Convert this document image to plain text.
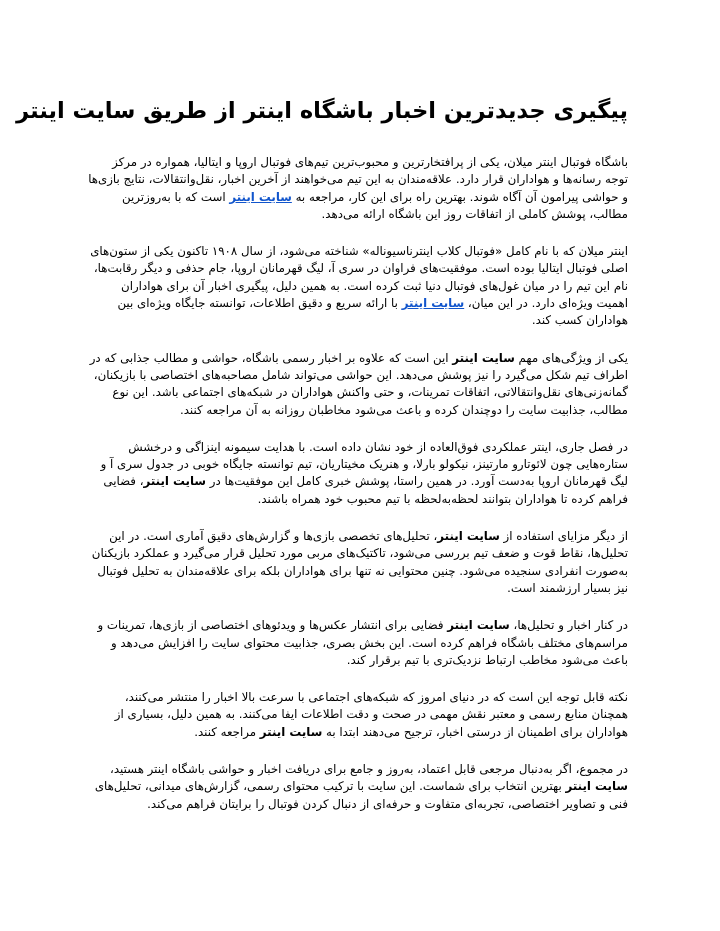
پیگیری جدیدترین اخبار باشگاه اینتر از طریق سایت اینتر

باشگاه فوتبال اینتر میلان، یکی از پرافتخارترین و محبوب‌ترین تیم‌های فوتبال اروپا و ایتالیا، همواره در مرکز توجه رسانه‌ها و هواداران قرار دارد. علاقه‌مندان به این تیم می‌خواهند از آخرین اخبار، نقل‌وانتقالات، نتایج بازی‌ها و حواشی پیرامون آن آگاه شوند. بهترین راه برای این کار، مراجعه به سایت اینتر است که با به‌روزترین مطالب، پوشش کاملی از اتفاقات روز این باشگاه ارائه می‌دهد.

اینتر میلان که با نام کامل «فوتبال کلاب اینترناسیوناله» شناخته می‌شود، از سال ۱۹۰۸ تاکنون یکی از ستون‌های اصلی فوتبال ایتالیا بوده است. موفقیت‌های فراوان در سری آ، لیگ قهرمانان اروپا، جام حذفی و دیگر رقابت‌ها، نام این تیم را در میان غول‌های فوتبال دنیا ثبت کرده است. به همین دلیل، پیگیری اخبار آن برای هواداران اهمیت ویژه‌ای دارد. در این میان، سایت اینتر با ارائه سریع و دقیق اطلاعات، توانسته جایگاه ویژه‌ای بین هواداران کسب کند.

یکی از ویژگی‌های مهم سایت اینتر این است که علاوه بر اخبار رسمی باشگاه، حواشی و مطالب جذابی که در اطراف تیم شکل می‌گیرد را نیز پوشش می‌دهد. این حواشی می‌تواند شامل مصاحبه‌های اختصاصی با بازیکنان، گمانه‌زنی‌های نقل‌وانتقالاتی، اتفاقات تمرینات، و حتی واکنش هواداران در شبکه‌های اجتماعی باشد. این نوع مطالب، جذابیت سایت را دوچندان کرده و باعث می‌شود مخاطبان روزانه به آن مراجعه کنند.

در فصل جاری، اینتر عملکردی فوق‌العاده از خود نشان داده است. با هدایت سیمونه اینزاگی و درخشش ستاره‌هایی چون لائوتارو مارتینز، نیکولو بارلا، و هنریک مخیتاریان، تیم توانسته جایگاه خوبی در جدول سری آ و لیگ قهرمانان اروپا به‌دست آورد. در همین راستا، پوشش خبری کامل این موفقیت‌ها در سایت اینتر، فضایی فراهم کرده تا هواداران بتوانند لحظه‌به‌لحظه با تیم محبوب خود همراه باشند.

از دیگر مزایای استفاده از سایت اینتر، تحلیل‌های تخصصی بازی‌ها و گزارش‌های دقیق آماری است. در این تحلیل‌ها، نقاط قوت و ضعف تیم بررسی می‌شود، تاکتیک‌های مربی مورد تحلیل قرار می‌گیرد و عملکرد بازیکنان به‌صورت انفرادی سنجیده می‌شود. چنین محتوایی نه تنها برای هواداران بلکه برای علاقه‌مندان به تحلیل فوتبال نیز بسیار ارزشمند است.

در کنار اخبار و تحلیل‌ها، سایت اینتر فضایی برای انتشار عکس‌ها و ویدئوهای اختصاصی از بازی‌ها، تمرینات و مراسم‌های مختلف باشگاه فراهم کرده است. این بخش بصری، جذابیت محتوای سایت را افزایش می‌دهد و باعث می‌شود مخاطب ارتباط نزدیک‌تری با تیم برقرار کند.

نکته قابل توجه این است که در دنیای امروز که شبکه‌های اجتماعی با سرعت بالا اخبار را منتشر می‌کنند، همچنان منابع رسمی و معتبر نقش مهمی در صحت و دقت اطلاعات ایفا می‌کنند. به همین دلیل، بسیاری از هواداران برای اطمینان از درستی اخبار، ترجیح می‌دهند ابتدا به سایت اینتر مراجعه کنند.

در مجموع، اگر به‌دنبال مرجعی قابل اعتماد، به‌روز و جامع برای دریافت اخبار و حواشی باشگاه اینتر هستید، سایت اینتر بهترین انتخاب برای شماست. این سایت با ترکیب محتوای رسمی، گزارش‌های میدانی، تحلیل‌های فنی و تصاویر اختصاصی، تجربه‌ای متفاوت و حرفه‌ای از دنبال کردن فوتبال را برایتان فراهم می‌کند.
